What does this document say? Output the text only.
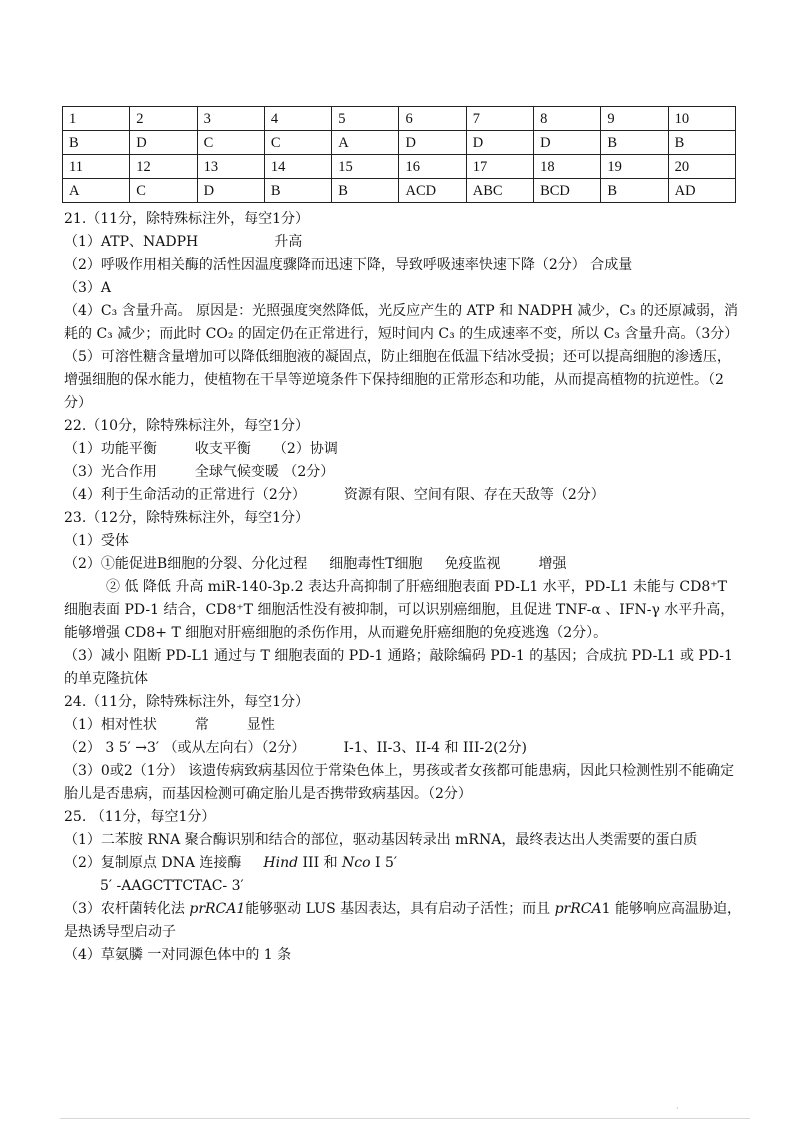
1	2	3	4	5	6	7	8	9	10
B	D	C	C	A	D	D	D	B	B
11	12	13	14	15	16	17	18	19	20
A	C	D	B	B	ACD	ABC	BCD	B	AD
21.（11分，除特殊标注外，每空1分）
（1）ATP、NADPH	升高
（2）呼吸作用相关酶的活性因温度骤降而迅速下降，导致呼吸速率快速下降（2分） 合成量
（3）A
（4）C₃ 含量升高。 原因是：光照强度突然降低，光反应产生的 ATP 和 NADPH 减少，C₃ 的还原减弱，消耗的 C₃ 减少；而此时 CO₂ 的固定仍在正常进行，短时间内 C₃ 的生成速率不变，所以 C₃ 含量升高。（3分）
（5）可溶性糖含量增加可以降低细胞液的凝固点，防止细胞在低温下结冰受损；还可以提高细胞的渗透压，增强细胞的保水能力，使植物在干旱等逆境条件下保持细胞的正常形态和功能，从而提高植物的抗逆性。（2分）
22.（10分，除特殊标注外，每空1分）
（1）功能平衡	收支平衡 （2）协调
（3）光合作用	全球气候变暖 （2分）
（4）利于生命活动的正常进行（2分）	资源有限、空间有限、存在天敌等（2分）
23.（12分，除特殊标注外，每空1分）
（1）受体
（2）①能促进B细胞的分裂、分化过程 细胞毒性T细胞 免疫监视	增强
② 低 降低 升高 miR-140-3p.2 表达升高抑制了肝癌细胞表面 PD-L1 水平，PD-L1 未能与 CD8⁺T 细胞表面 PD-1 结合，CD8⁺T 细胞活性没有被抑制，可以识别癌细胞，且促进 TNF-α 、IFN-γ 水平升高，能够增强 CD8+ T 细胞对肝癌细胞的杀伤作用，从而避免肝癌细胞的免疫逃逸（2分）。
（3）减小 阻断 PD-L1 通过与 T 细胞表面的 PD-1 通路；敲除编码 PD-1 的基因；合成抗 PD-L1 或 PD-1 的单克隆抗体
24.（11分，除特殊标注外，每空1分）
（1）相对性状	常	显性
（2） 3 5′ →3′ （或从左向右）（2分）	Ⅰ-1、II-3、II-4 和 III-2(2分)
（3）0或2（1分） 该遗传病致病基因位于常染色体上，男孩或者女孩都可能患病，因此只检测性别不能确定胎儿是否患病，而基因检测可确定胎儿是否携带致病基因。（2分）
25. （11分，每空1分）
（1）二苯胺 RNA 聚合酶识别和结合的部位，驱动基因转录出 mRNA，最终表达出人类需要的蛋白质
（2）复制原点 DNA 连接酶 Hind III 和 Nco I 5′
5′ -AAGCTTCTAC- 3′
（3）农杆菌转化法 prRCA1能够驱动 LUS 基因表达，具有启动子活性；而且 prRCA1 能够响应高温胁迫，是热诱导型启动子
（4）草氨膦 一对同源色体中的 1 条
·
